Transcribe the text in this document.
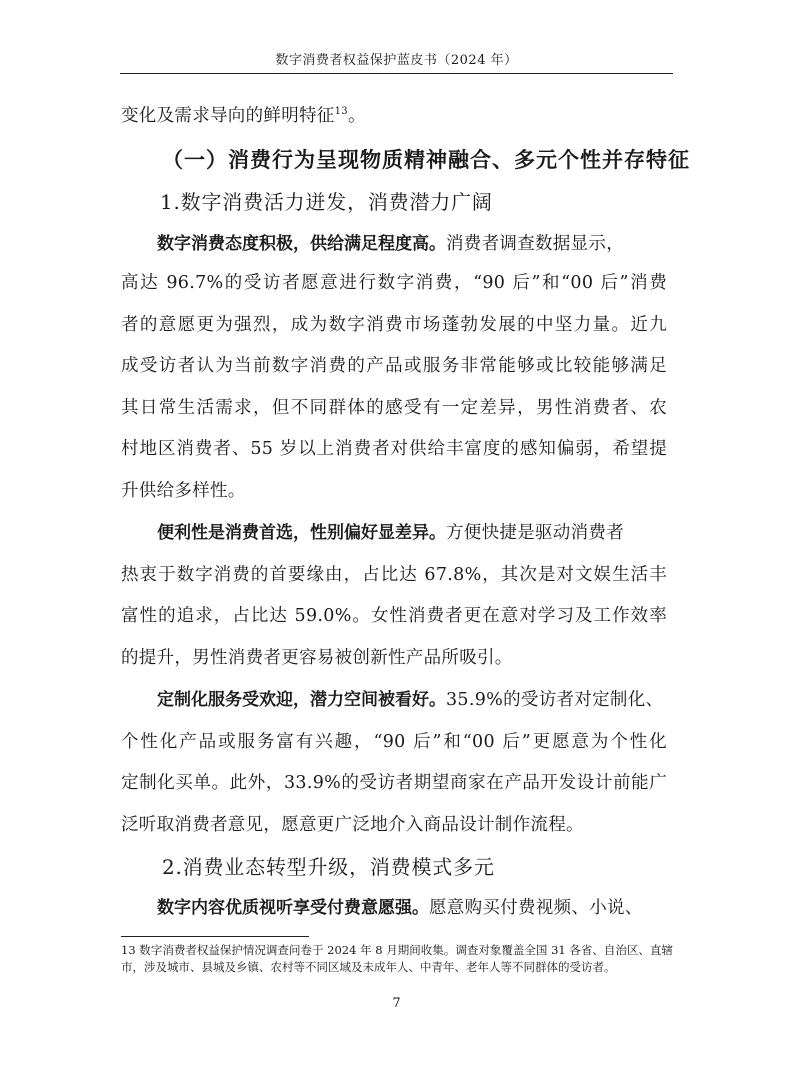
数字消费者权益保护蓝皮书（2024 年）
变化及需求导向的鲜明特征$^{13}$。
（一）消费行为呈现物质精神融合、多元个性并存特征
1.数字消费活力迸发，消费潜力广阔
数字消费态度积极，供给满足程度高。消费者调查数据显示，
高达 96.7%的受访者愿意进行数字消费，“90 后”和“00 后”消费
者的意愿更为强烈，成为数字消费市场蓬勃发展的中坚力量。近九
成受访者认为当前数字消费的产品或服务非常能够或比较能够满足
其日常生活需求，但不同群体的感受有一定差异，男性消费者、农
村地区消费者、55 岁以上消费者对供给丰富度的感知偏弱，希望提
升供给多样性。
便利性是消费首选，性别偏好显差异。方便快捷是驱动消费者
热衷于数字消费的首要缘由，占比达 67.8%，其次是对文娱生活丰
富性的追求，占比达 59.0%。女性消费者更在意对学习及工作效率
的提升，男性消费者更容易被创新性产品所吸引。
定制化服务受欢迎，潜力空间被看好。35.9%的受访者对定制化、
个性化产品或服务富有兴趣，“90 后”和“00 后”更愿意为个性化
定制化买单。此外，33.9%的受访者期望商家在产品开发设计前能广
泛听取消费者意见，愿意更广泛地介入商品设计制作流程。
2.消费业态转型升级，消费模式多元
数字内容优质视听享受付费意愿强。愿意购买付费视频、小说、
13 数字消费者权益保护情况调查问卷于 2024 年 8 月期间收集。调查对象覆盖全国 31 各省、自治区、直辖市，涉及城市、县城及乡镇、农村等不同区域及未成年人、中青年、老年人等不同群体的受访者。
7
